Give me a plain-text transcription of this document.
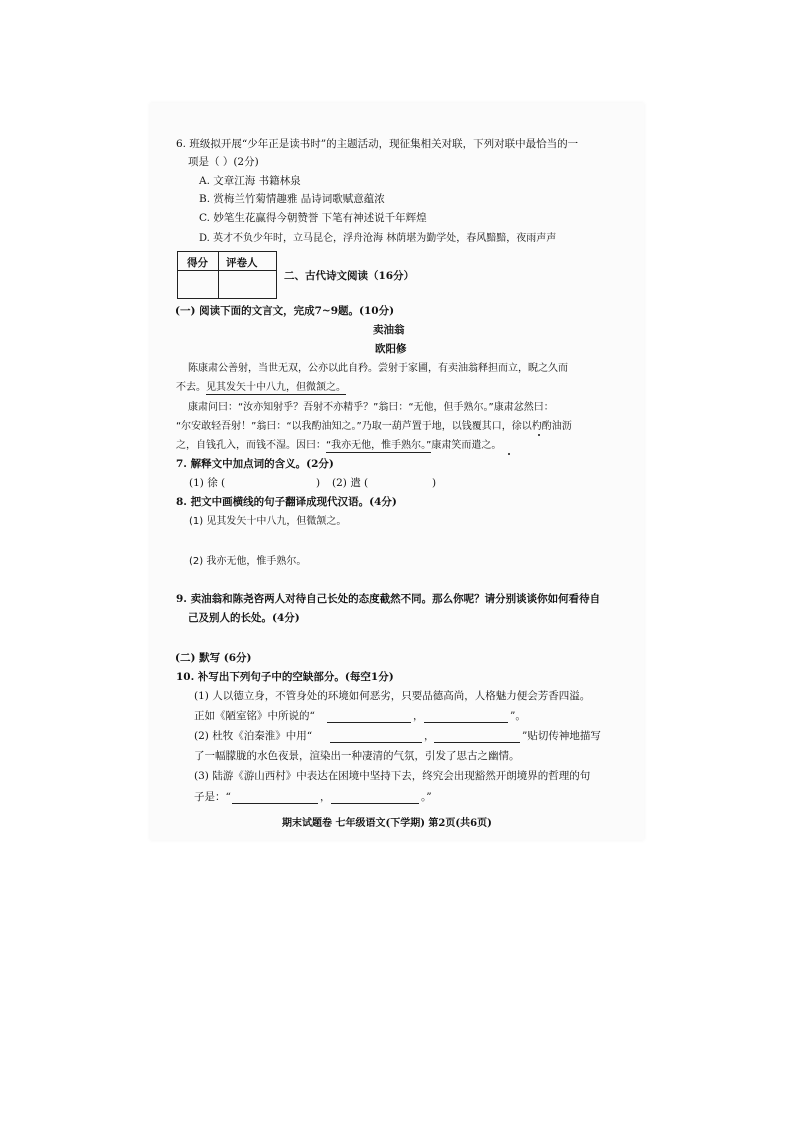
6. 班级拟开展“少年正是读书时”的主题活动，现征集相关对联，下列对联中最恰当的一
项是（ ）(2分)
A. 文章江海 书籍林泉
B. 赏梅兰竹菊情趣雅 品诗词歌赋意蕴浓
C. 妙笔生花赢得今朝赞誉 下笔有神述说千年辉煌
D. 英才不负少年时，立马昆仑，浮舟沧海 林荫堪为勤学处，春风黯黯，夜雨声声
得分 评卷人
二、古代诗文阅读（16分）
(一) 阅读下面的文言文，完成7~9题。(10分)
卖油翁
欧阳修
陈康肃公善射，当世无双，公亦以此自矜。尝射于家圃，有卖油翁释担而立，睨之久而
不去。见其发矢十中八九，但微颔之。
康肃问曰：“汝亦知射乎？吾射不亦精乎？”翁曰：“无他，但手熟尔。”康肃忿然曰：
“尔安敢轻吾射！”翁曰：“以我酌油知之。”乃取一葫芦置于地，以钱覆其口，徐以杓酌油沥
之，自钱孔入，而钱不湿。因曰：“我亦无他，惟手熟尔。”康肃笑而遣之。
7. 解释文中加点词的含义。(2分)
(1) 徐 (	) (2) 遣 (	)
8. 把文中画横线的句子翻译成现代汉语。(4分)
(1) 见其发矢十中八九，但微颔之。
(2) 我亦无他，惟手熟尔。
9. 卖油翁和陈尧咨两人对待自己长处的态度截然不同。那么你呢？请分别谈谈你如何看待自
己及别人的长处。(4分)
(二) 默写 (6分)
10. 补写出下列句子中的空缺部分。(每空1分)
(1) 人以德立身，不管身处的环境如何恶劣，只要品德高尚，人格魅力便会芳香四溢。
正如《陋室铭》中所说的“	，	”。
(2) 杜牧《泊秦淮》中用“	，	”贴切传神地描写
了一幅朦胧的水色夜景，渲染出一种凄清的气氛，引发了思古之幽情。
(3) 陆游《游山西村》中表达在困境中坚持下去，终究会出现豁然开朗境界的哲理的句
子是：“	，	。”
期末试题卷 七年级语文(下学期) 第2页(共6页)
